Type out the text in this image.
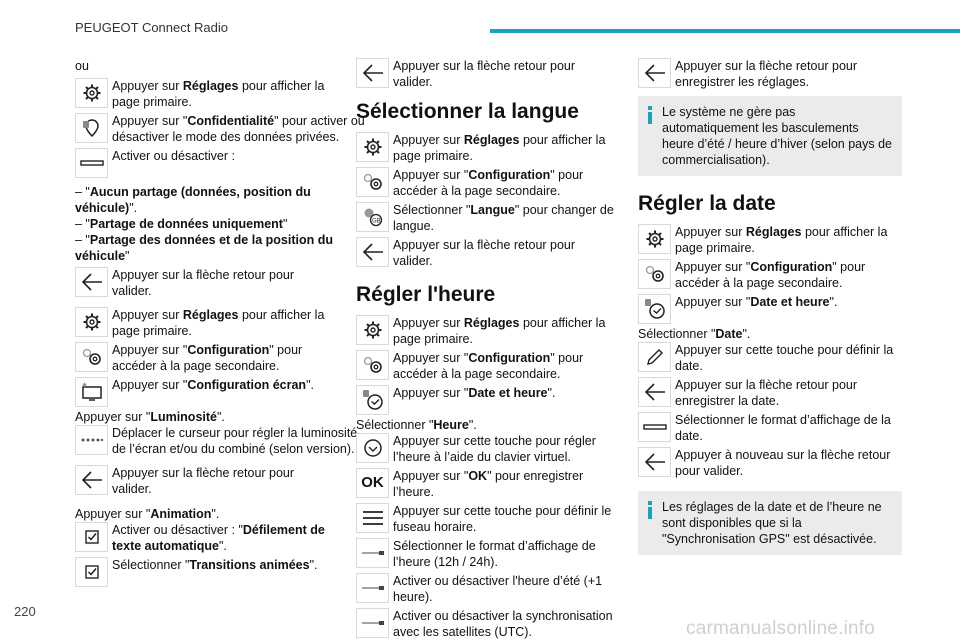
PEUGEOT Connect Radio

ou

Appuyer sur Réglages pour afficher la page primaire.
Appuyer sur "Confidentialité" pour activer ou désactiver le mode des données privées.
Activer ou désactiver :

– "Aucun partage (données, position du véhicule)".

– "Partage de données uniquement"

– "Partage des données et de la position du véhicule"

Appuyer sur la flèche retour pour valider.
Appuyer sur Réglages pour afficher la page primaire.
Appuyer sur "Configuration" pour accéder à la page secondaire.
✱ Appuyer sur "Configuration écran".

Appuyer sur "Luminosité".

Déplacer le curseur pour régler la luminosité de l’écran et/ou du combiné (selon version).
Appuyer sur la flèche retour pour valider.

Appuyer sur "Animation".

Activer ou désactiver : "Défilement de texte automatique".
Sélectionner "Transitions animées".
Appuyer sur la flèche retour pour valider.
Sélectionner la langue
Appuyer sur Réglages pour afficher la page primaire.
Appuyer sur "Configuration" pour accéder à la page secondaire.
GB
Sélectionner "Langue" pour changer de langue.
Appuyer sur la flèche retour pour valider.
Régler l'heure
Appuyer sur Réglages pour afficher la page primaire.
Appuyer sur "Configuration" pour accéder à la page secondaire.
Appuyer sur "Date et heure".

Sélectionner "Heure".

Appuyer sur cette touche pour régler l’heure à l’aide du clavier virtuel.
OK Appuyer sur "OK" pour enregistrer l’heure.
Appuyer sur cette touche pour définir le fuseau horaire.
Sélectionner le format d’affichage de l’heure (12h / 24h).
Activer ou désactiver l'heure d’été (+1 heure).
Activer ou désactiver la synchronisation avec les satellites (UTC).
Appuyer sur la flèche retour pour enregistrer les réglages.
Le système ne gère pas automatiquement les basculements heure d’été / heure d’hiver (selon pays de commercialisation).
Régler la date
Appuyer sur Réglages pour afficher la page primaire.
Appuyer sur "Configuration" pour accéder à la page secondaire.
Appuyer sur "Date et heure".

Sélectionner "Date".

Appuyer sur cette touche pour définir la date.
Appuyer sur la flèche retour pour enregistrer la date.
Sélectionner le format d’affichage de la date.
Appuyer à nouveau sur la flèche retour pour valider.
Les réglages de la date et de l’heure ne sont disponibles que si la "Synchronisation GPS" est désactivée.
220
carmanualsonline.info
